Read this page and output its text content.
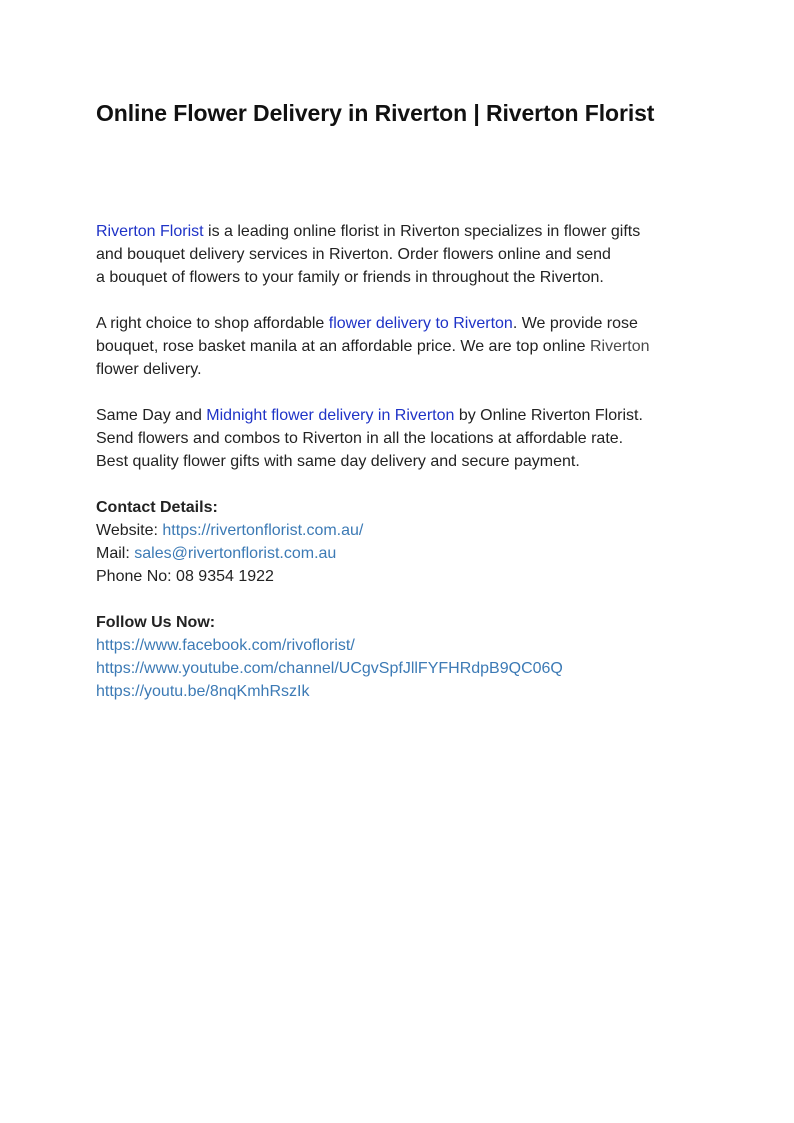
Online Flower Delivery in Riverton | Riverton Florist

Riverton Florist is a leading online florist in Riverton specializes in flower gifts
and bouquet delivery services in Riverton. Order flowers online and send
a bouquet of flowers to your family or friends in throughout the Riverton.

A right choice to shop affordable flower delivery to Riverton. We provide rose
bouquet, rose basket manila at an affordable price. We are top online Riverton
flower delivery.

Same Day and Midnight flower delivery in Riverton by Online Riverton Florist.
Send flowers and combos to Riverton in all the locations at affordable rate.
Best quality flower gifts with same day delivery and secure payment.

Contact Details:
Website: https://rivertonflorist.com.au/
Mail: sales@rivertonflorist.com.au
Phone No: 08 9354 1922

Follow Us Now:
https://www.facebook.com/rivoflorist/
https://www.youtube.com/channel/UCgvSpfJllFYFHRdpB9QC06Q
https://youtu.be/8nqKmhRszIk
